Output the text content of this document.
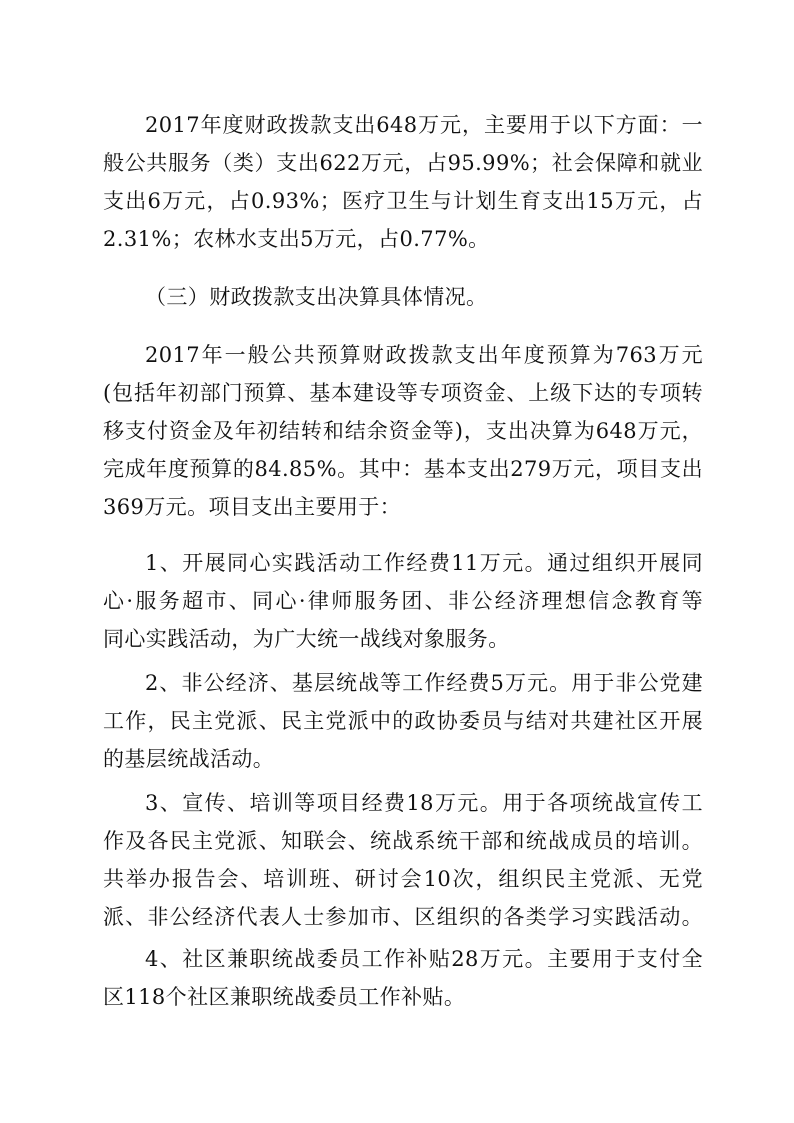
2017年度财政拨款支出648万元，主要用于以下方面：一
般公共服务（类）支出622万元，占95.99%；社会保障和就业
支出6万元，占0.93%；医疗卫生与计划生育支出15万元，占
2.31%；农林水支出5万元，占0.77%。
（三）财政拨款支出决算具体情况。
2017年一般公共预算财政拨款支出年度预算为763万元
(包括年初部门预算、基本建设等专项资金、上级下达的专项转
移支付资金及年初结转和结余资金等)，支出决算为648万元，
完成年度预算的84.85%。其中：基本支出279万元，项目支出
369万元。项目支出主要用于：
1、开展同心实践活动工作经费11万元。通过组织开展同
心·服务超市、同心·律师服务团、非公经济理想信念教育等
同心实践活动，为广大统一战线对象服务。
2、非公经济、基层统战等工作经费5万元。用于非公党建
工作，民主党派、民主党派中的政协委员与结对共建社区开展
的基层统战活动。
3、宣传、培训等项目经费18万元。用于各项统战宣传工
作及各民主党派、知联会、统战系统干部和统战成员的培训。
共举办报告会、培训班、研讨会10次，组织民主党派、无党
派、非公经济代表人士参加市、区组织的各类学习实践活动。
4、社区兼职统战委员工作补贴28万元。主要用于支付全
区118个社区兼职统战委员工作补贴。
